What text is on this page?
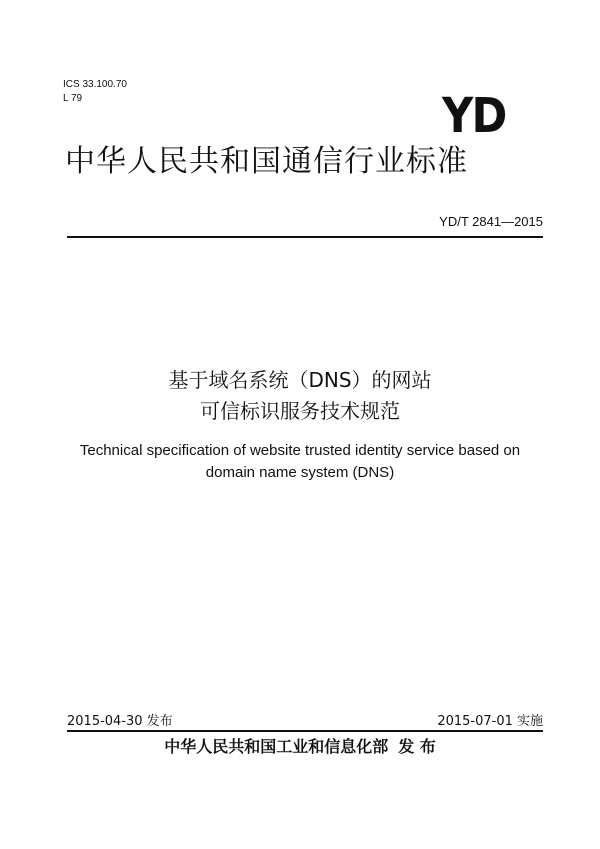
ICS 33.100.70
L 79	YD
中华人民共和国通信行业标准
YD/T 2841—2015
基于域名系统（DNS）的网站
可信标识服务技术规范
Technical specification of website trusted identity service based on
domain name system (DNS)
2015-04-30 发布	2015-07-01 实施
中华人民共和国工业和信息化部 发 布
